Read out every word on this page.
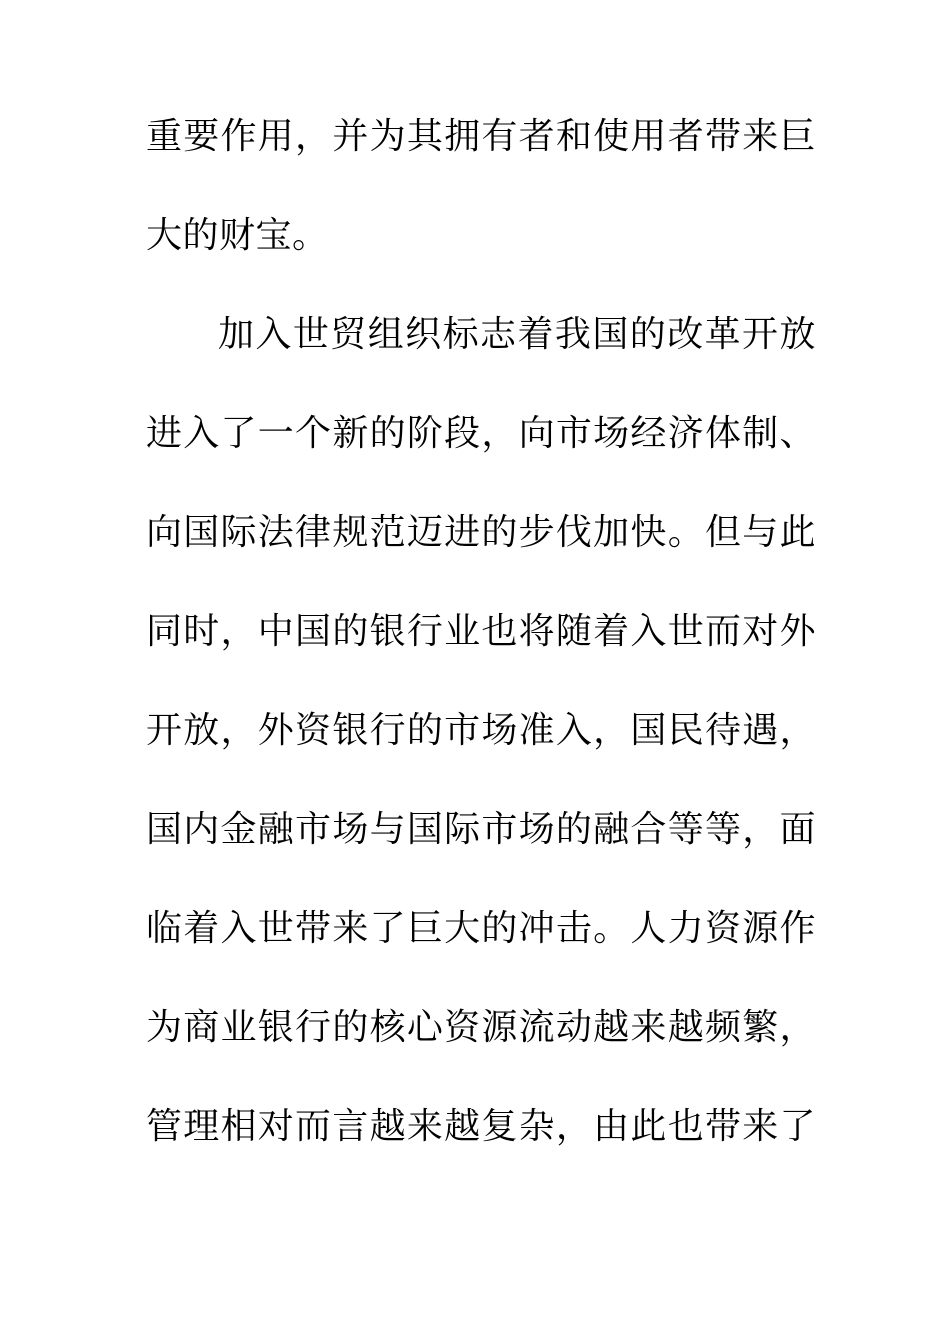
重要作用，并为其拥有者和使用者带来巨
大的财宝。
加入世贸组织标志着我国的改革开放
进入了一个新的阶段，向市场经济体制、
向国际法律规范迈进的步伐加快。但与此
同时，中国的银行业也将随着入世而对外
开放，外资银行的市场准入，国民待遇，
国内金融市场与国际市场的融合等等，面
临着入世带来了巨大的冲击。人力资源作
为商业银行的核心资源流动越来越频繁，
管理相对而言越来越复杂，由此也带来了
